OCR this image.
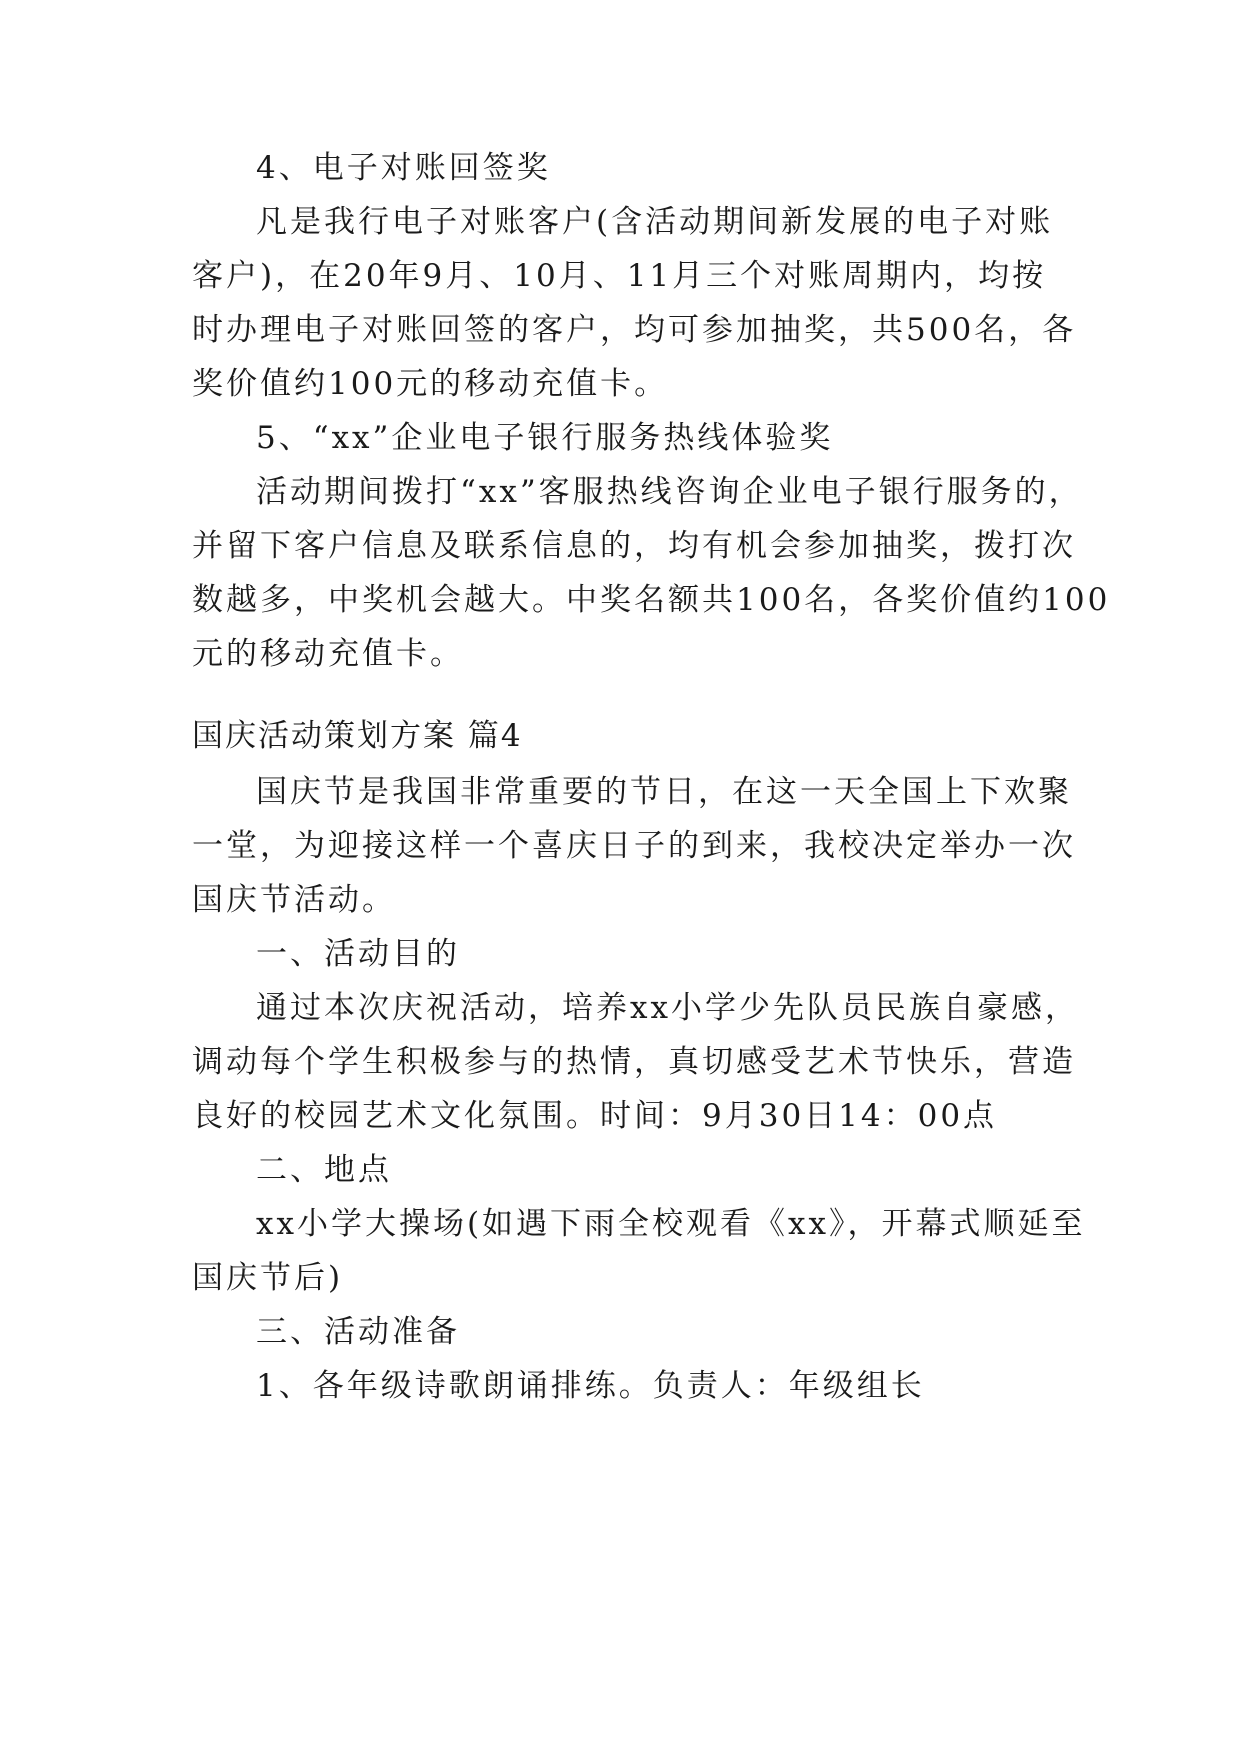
4、电子对账回签奖
凡是我行电子对账客户(含活动期间新发展的电子对账
客户)，在20年9月、10月、11月三个对账周期内，均按
时办理电子对账回签的客户，均可参加抽奖，共500名，各
奖价值约100元的移动充值卡。
5、“xx”企业电子银行服务热线体验奖
活动期间拨打“xx”客服热线咨询企业电子银行服务的，
并留下客户信息及联系信息的，均有机会参加抽奖，拨打次
数越多，中奖机会越大。中奖名额共100名，各奖价值约100
元的移动充值卡。
国庆活动策划方案 篇4
国庆节是我国非常重要的节日，在这一天全国上下欢聚
一堂，为迎接这样一个喜庆日子的到来，我校决定举办一次
国庆节活动。
一、活动目的
通过本次庆祝活动，培养xx小学少先队员民族自豪感，
调动每个学生积极参与的热情，真切感受艺术节快乐，营造
良好的校园艺术文化氛围。时间：9月30日14：00点
二、地点
xx小学大操场(如遇下雨全校观看《xx》，开幕式顺延至
国庆节后)
三、活动准备
1、各年级诗歌朗诵排练。负责人：年级组长
